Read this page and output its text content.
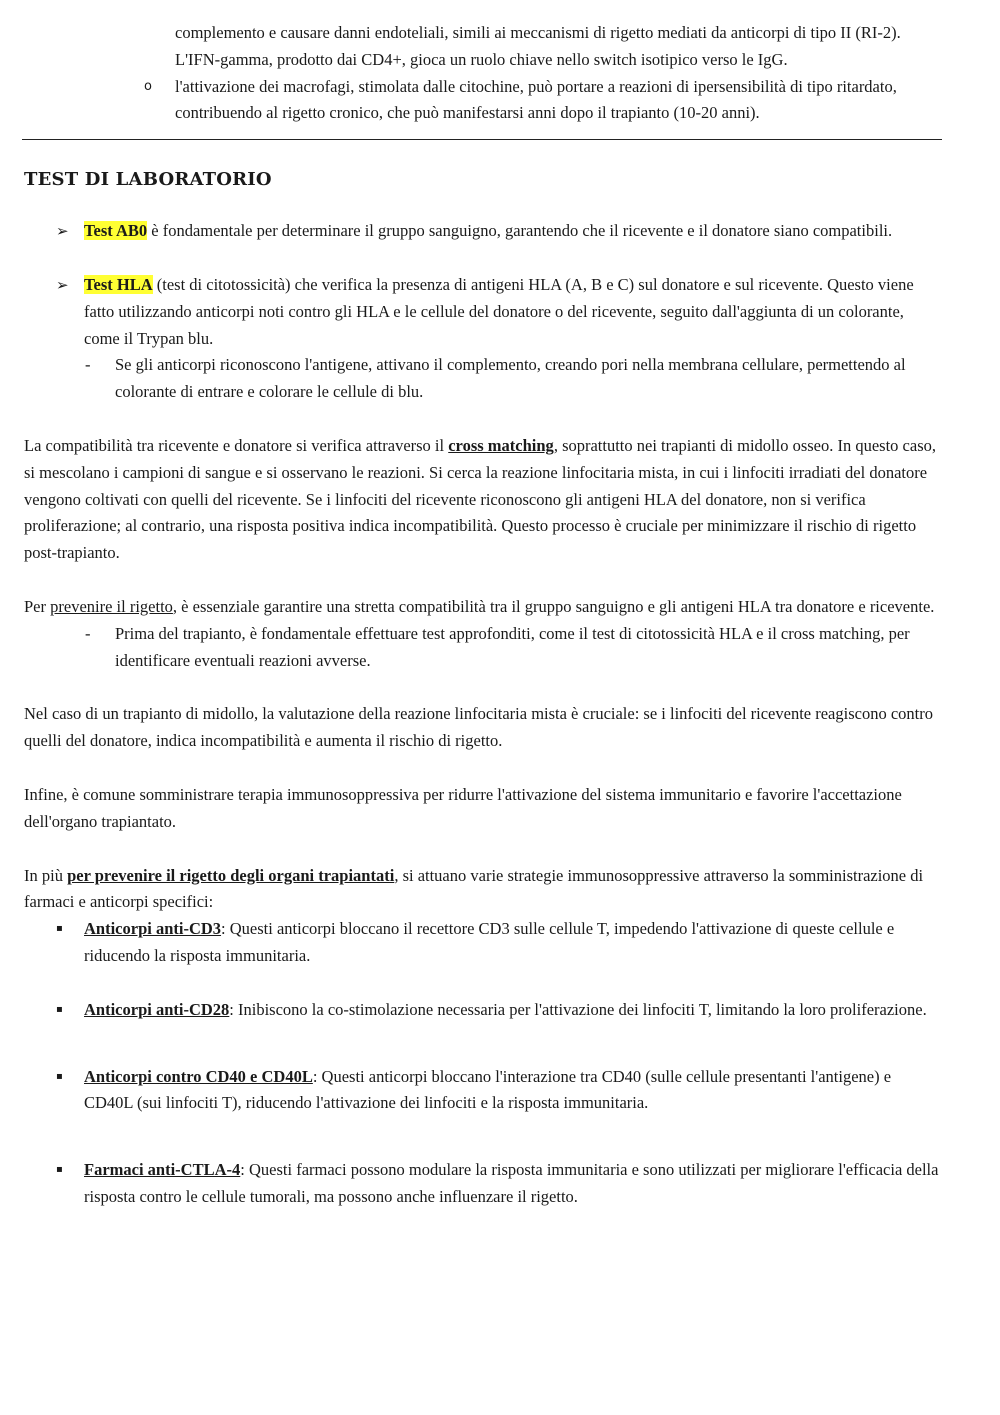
complemento e causare danni endoteliali, simili ai meccanismi di rigetto mediati da anticorpi di tipo II (RI-2). L'IFN-gamma, prodotto dai CD4+, gioca un ruolo chiave nello switch isotipico verso le IgG.
o l'attivazione dei macrofagi, stimolata dalle citochine, può portare a reazioni di ipersensibilità di tipo ritardato, contribuendo al rigetto cronico, che può manifestarsi anni dopo il trapianto (10-20 anni).
TEST DI LABORATORIO
➢ Test AB0 è fondamentale per determinare il gruppo sanguigno, garantendo che il ricevente e il donatore siano compatibili.
➢ Test HLA (test di citotossicità) che verifica la presenza di antigeni HLA (A, B e C) sul donatore e sul ricevente. Questo viene fatto utilizzando anticorpi noti contro gli HLA e le cellule del donatore o del ricevente, seguito dall'aggiunta di un colorante, come il Trypan blu.
- Se gli anticorpi riconoscono l'antigene, attivano il complemento, creando pori nella membrana cellulare, permettendo al colorante di entrare e colorare le cellule di blu.

La compatibilità tra ricevente e donatore si verifica attraverso il cross matching, soprattutto nei trapianti di midollo osseo. In questo caso, si mescolano i campioni di sangue e si osservano le reazioni. Si cerca la reazione linfocitaria mista, in cui i linfociti irradiati del donatore vengono coltivati con quelli del ricevente. Se i linfociti del ricevente riconoscono gli antigeni HLA del donatore, non si verifica proliferazione; al contrario, una risposta positiva indica incompatibilità. Questo processo è cruciale per minimizzare il rischio di rigetto post-trapianto.

Per prevenire il rigetto, è essenziale garantire una stretta compatibilità tra il gruppo sanguigno e gli antigeni HLA tra donatore e ricevente.

- Prima del trapianto, è fondamentale effettuare test approfonditi, come il test di citotossicità HLA e il cross matching, per identificare eventuali reazioni avverse.

Nel caso di un trapianto di midollo, la valutazione della reazione linfocitaria mista è cruciale: se i linfociti del ricevente reagiscono contro quelli del donatore, indica incompatibilità e aumenta il rischio di rigetto.

Infine, è comune somministrare terapia immunosoppressiva per ridurre l'attivazione del sistema immunitario e favorire l'accettazione dell'organo trapiantato.

In più per prevenire il rigetto degli organi trapiantati, si attuano varie strategie immunosoppressive attraverso la somministrazione di farmaci e anticorpi specifici:

▪ Anticorpi anti-CD3: Questi anticorpi bloccano il recettore CD3 sulle cellule T, impedendo l'attivazione di queste cellule e riducendo la risposta immunitaria.
▪ Anticorpi anti-CD28: Inibiscono la co-stimolazione necessaria per l'attivazione dei linfociti T, limitando la loro proliferazione.
▪ Anticorpi contro CD40 e CD40L: Questi anticorpi bloccano l'interazione tra CD40 (sulle cellule presentanti l'antigene) e CD40L (sui linfociti T), riducendo l'attivazione dei linfociti e la risposta immunitaria.
▪ Farmaci anti-CTLA-4: Questi farmaci possono modulare la risposta immunitaria e sono utilizzati per migliorare l'efficacia della risposta contro le cellule tumorali, ma possono anche influenzare il rigetto.
